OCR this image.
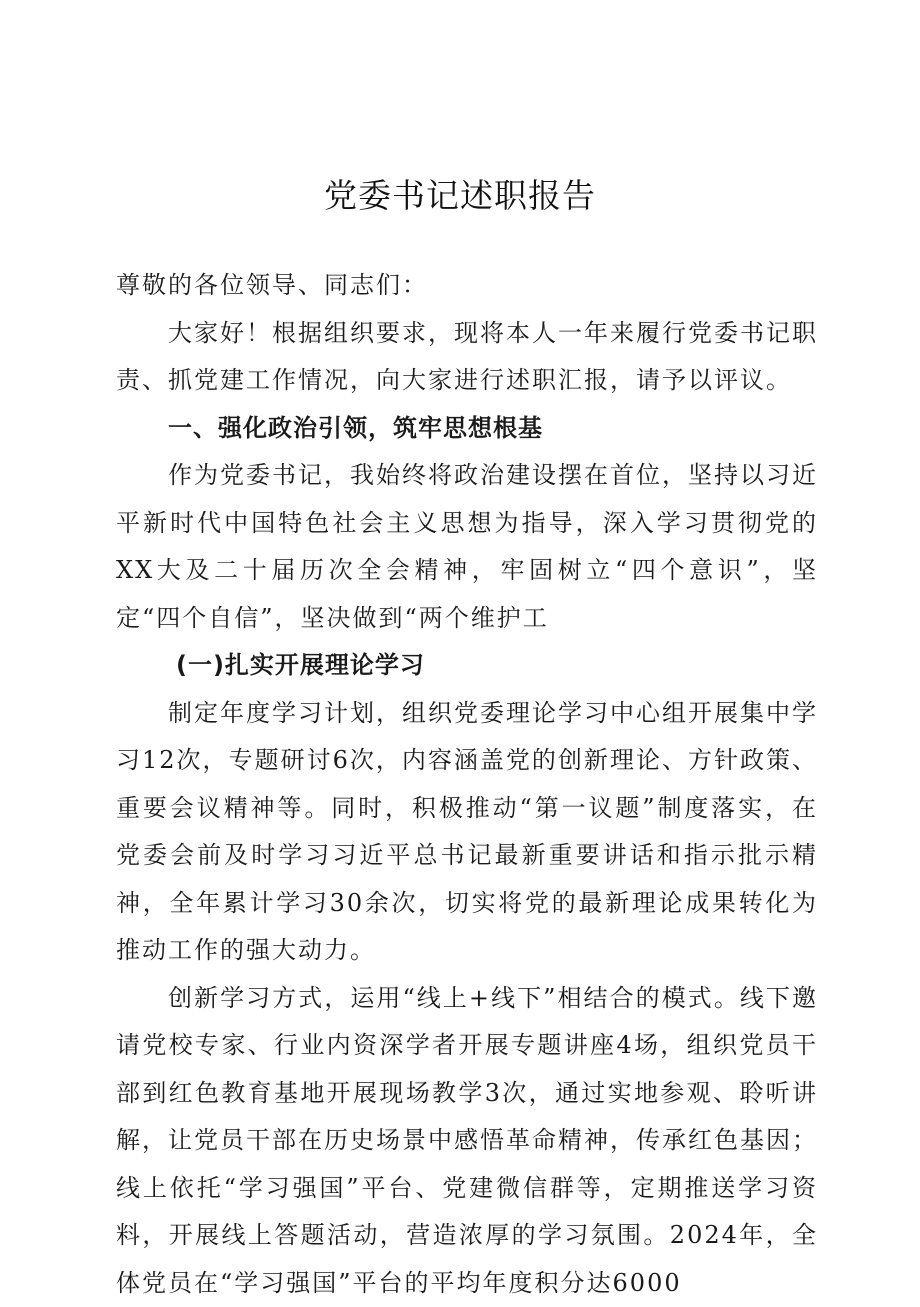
党委书记述职报告

尊敬的各位领导、同志们：

大家好！根据组织要求，现将本人一年来履行党委书记职责、抓党建工作情况，向大家进行述职汇报，请予以评议。

一、强化政治引领，筑牢思想根基

作为党委书记，我始终将政治建设摆在首位，坚持以习近平新时代中国特色社会主义思想为指导，深入学习贯彻党的XX大及二十届历次全会精神，牢固树立“四个意识”，坚定“四个自信”，坚决做到“两个维护工

(一)扎实开展理论学习

制定年度学习计划，组织党委理论学习中心组开展集中学习12次，专题研讨6次，内容涵盖党的创新理论、方针政策、重要会议精神等。同时，积极推动“第一议题”制度落实，在党委会前及时学习习近平总书记最新重要讲话和指示批示精神，全年累计学习30余次，切实将党的最新理论成果转化为推动工作的强大动力。

创新学习方式，运用“线上+线下”相结合的模式。线下邀请党校专家、行业内资深学者开展专题讲座4场，组织党员干部到红色教育基地开展现场教学3次，通过实地参观、聆听讲解，让党员干部在历史场景中感悟革命精神，传承红色基因；线上依托“学习强国”平台、党建微信群等，定期推送学习资料，开展线上答题活动，营造浓厚的学习氛围。2024年，全体党员在“学习强国”平台的平均年度积分达6000
